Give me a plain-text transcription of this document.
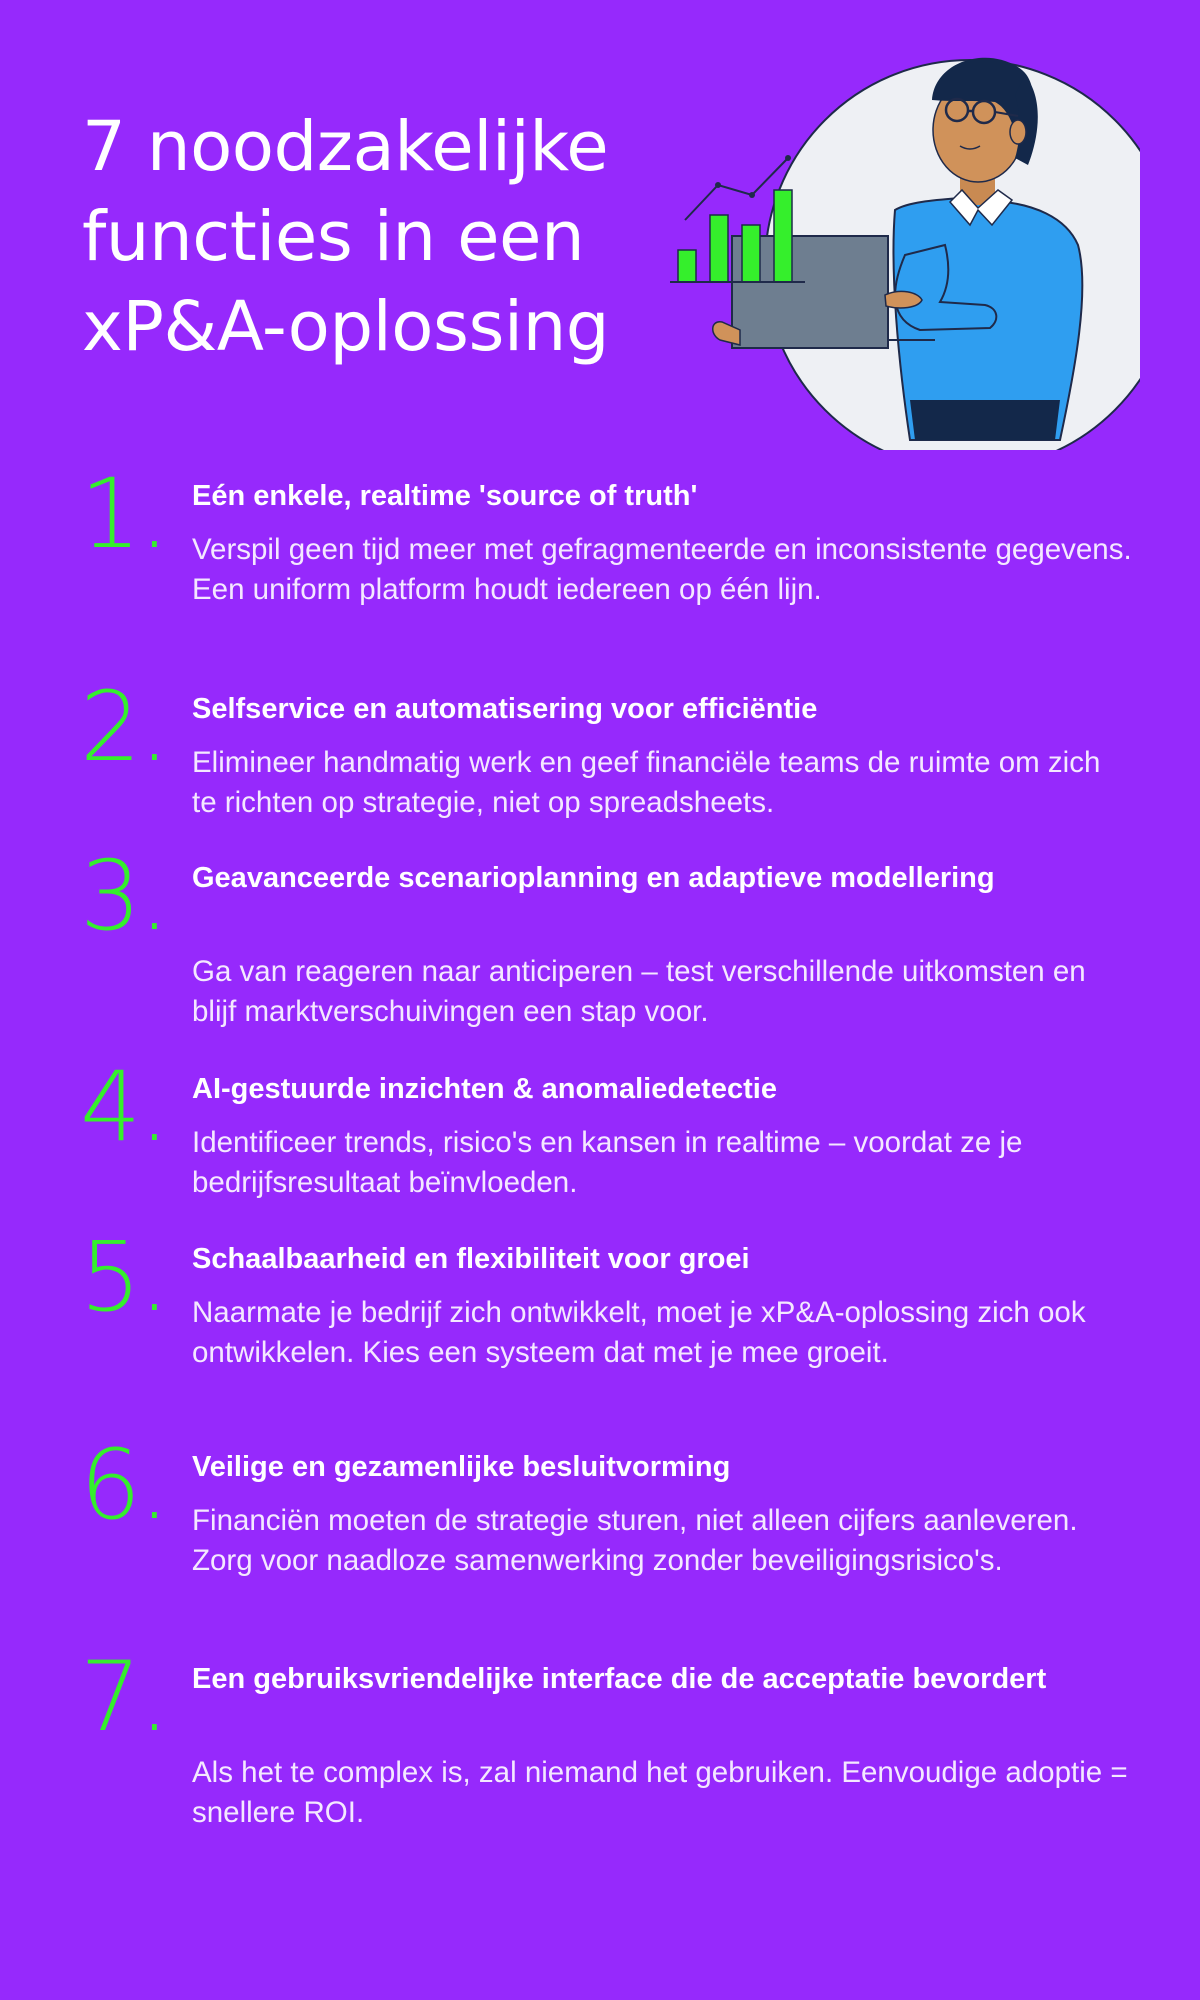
7 noodzakelijke functies in een xP&A-oplossing
1. Eén enkele, realtime 'source of truth'

Verspil geen tijd meer met gefragmenteerde en inconsistente gegevens. Een uniform platform houdt iedereen op één lijn.

2. Selfservice en automatisering voor efficiëntie

Elimineer handmatig werk en geef financiële teams de ruimte om zich te richten op strategie, niet op spreadsheets.

3. Geavanceerde scenarioplanning en adaptieve modellering

Ga van reageren naar anticiperen – test verschillende uitkomsten en blijf marktverschuivingen een stap voor.

4. AI-gestuurde inzichten & anomaliedetectie

Identificeer trends, risico's en kansen in realtime – voordat ze je bedrijfsresultaat beïnvloeden.

5. Schaalbaarheid en flexibiliteit voor groei

Naarmate je bedrijf zich ontwikkelt, moet je xP&A-oplossing zich ook ontwikkelen. Kies een systeem dat met je mee groeit.

6. Veilige en gezamenlijke besluitvorming

Financiën moeten de strategie sturen, niet alleen cijfers aanleveren. Zorg voor naadloze samenwerking zonder beveiligingsrisico's.

7. Een gebruiksvriendelijke interface die de acceptatie bevordert

Als het te complex is, zal niemand het gebruiken. Eenvoudige adoptie = snellere ROI.
